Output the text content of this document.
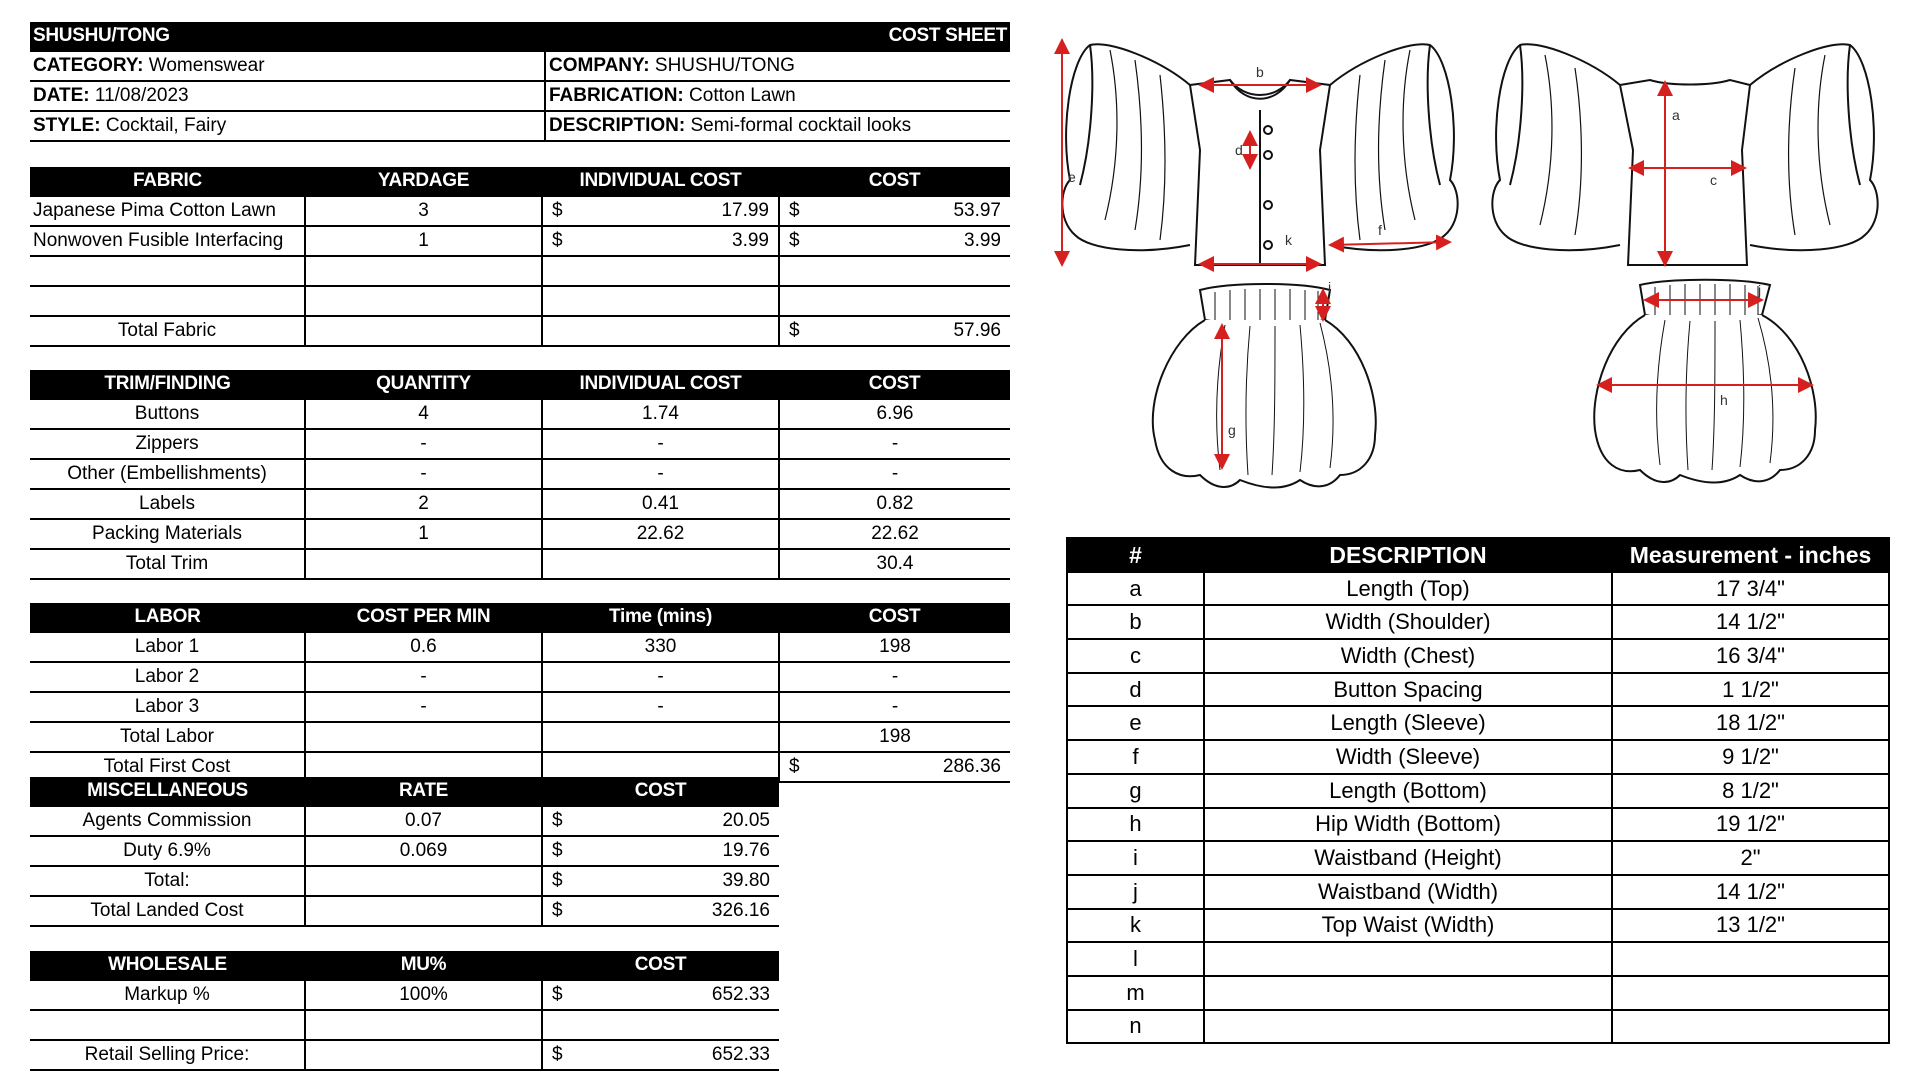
SHUSHU/TONG	COST SHEET
CATEGORY: Womenswear	COMPANY: SHUSHU/TONG
DATE: 11/08/2023	FABRICATION: Cotton Lawn
STYLE: Cocktail, Fairy	DESCRIPTION: Semi-formal cocktail looks
FABRIC	YARDAGE	INDIVIDUAL COST	COST
Japanese Pima Cotton Lawn	3	$ 17.99	$ 53.97

Nonwoven Fusible Interfacing	1	$ 3.99	$ 3.99

Total Fabric			$ 57.96
TRIM/FINDING	QUANTITY	INDIVIDUAL COST	COST
Buttons	4	1.74	6.96
Zippers	-	-	-
Other (Embellishments)	-	-	-
Labels	2	0.41	0.82
Packing Materials	1	22.62	22.62
Total Trim			30.4
LABOR	COST PER MIN	Time (mins)	COST
Labor 1	0.6	330	198
Labor 2	-	-	-
Labor 3	-	-	-
Total Labor			198
Total First Cost			$ 286.36
MISCELLANEOUS	RATE	COST
Agents Commission	0.07	$ 20.05

Duty 6.9%	0.069	$ 19.76

Total:		$ 39.80

Total Landed Cost		$ 326.16
WHOLESALE	MU%	COST
Markup %	100%	$ 652.33

Retail Selling Price:		$ 652.33
e
b
d
k
f
a
c
i	j
g
h
#	DESCRIPTION	Measurement - inches
a	Length (Top)	17 3/4"
b	Width (Shoulder)	14 1/2"
c	Width (Chest)	16 3/4"
d	Button Spacing	1 1/2"
e	Length (Sleeve)	18 1/2"
f	Width (Sleeve)	9 1/2"
g	Length (Bottom)	8 1/2"
h	Hip Width (Bottom)	19 1/2"
i	Waistband (Height)	2"
j	Waistband (Width)	14 1/2"
k	Top Waist (Width)	13 1/2"
l		
m		
n		
